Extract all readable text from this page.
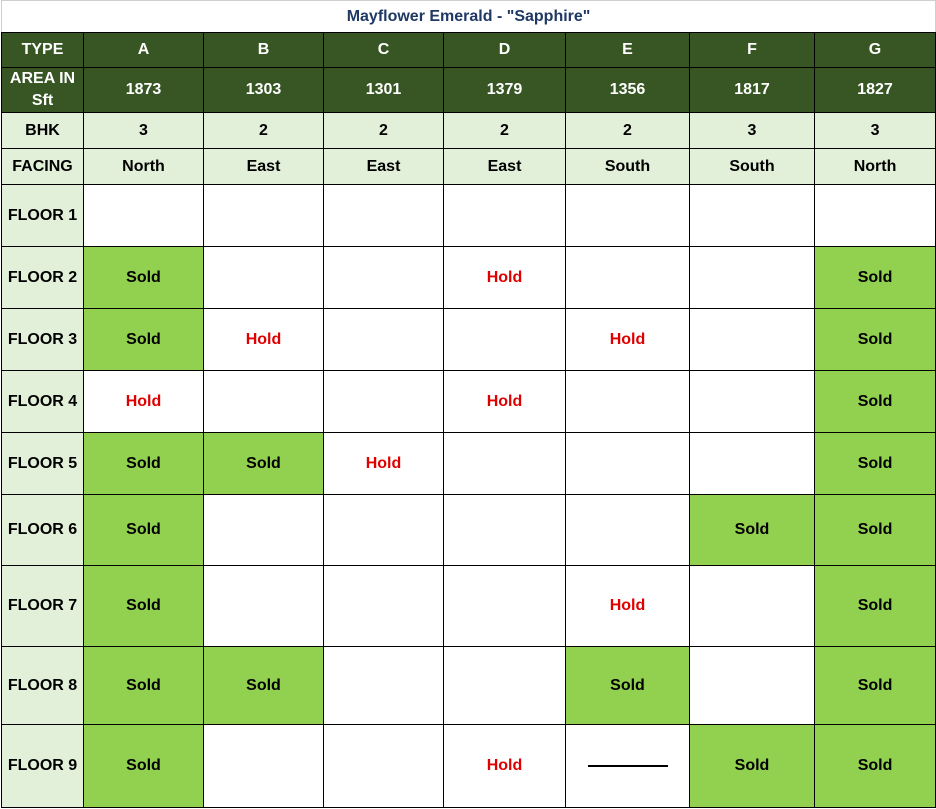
Mayflower Emerald - "Sapphire"							
TYPE	A	B	C	D	E	F	G
AREA IN Sft	1873	1303	1301	1379	1356	1817	1827
BHK	3	2	2	2	2	3	3
FACING	North	East	East	East	South	South	North
FLOOR 1							
FLOOR 2	Sold			Hold			Sold
FLOOR 3	Sold	Hold			Hold		Sold
FLOOR 4	Hold			Hold			Sold
FLOOR 5	Sold	Sold	Hold				Sold
FLOOR 6	Sold					Sold	Sold
FLOOR 7	Sold				Hold		Sold
FLOOR 8	Sold	Sold			Sold		Sold
FLOOR 9	Sold			Hold		Sold	Sold
